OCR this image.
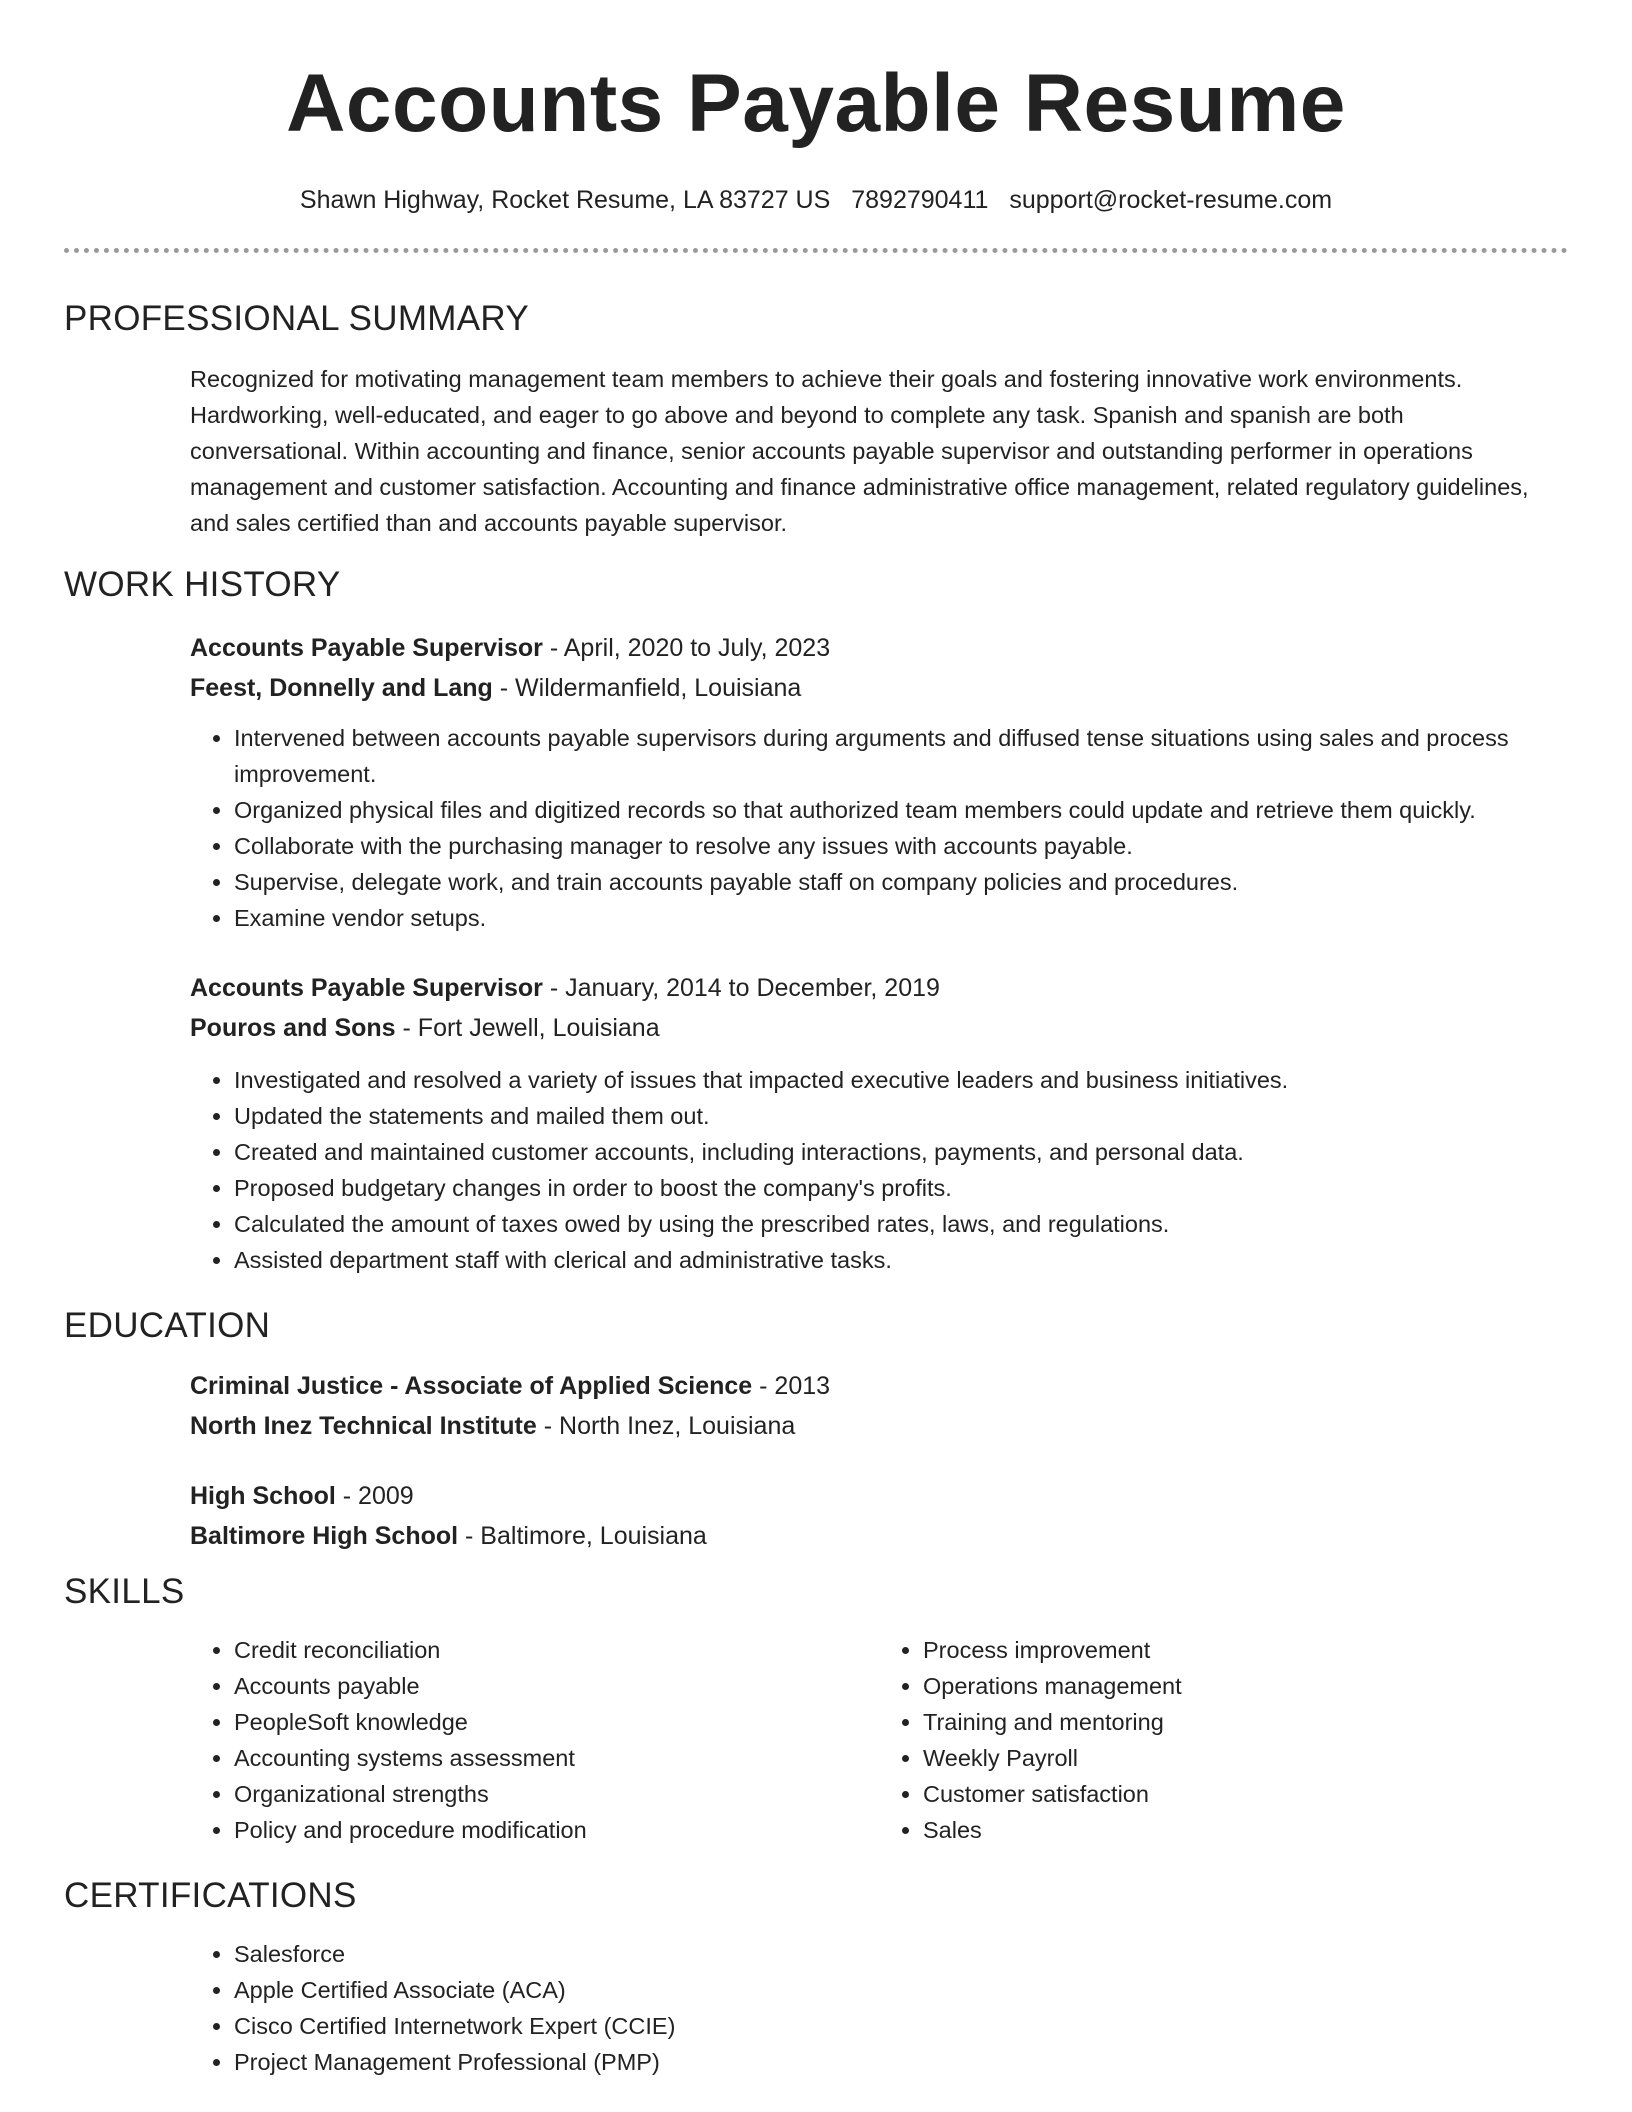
Accounts Payable Resume
Shawn Highway, Rocket Resume, LA 83727 US 7892790411 support@rocket-resume.com
PROFESSIONAL SUMMARY

Recognized for motivating management team members to achieve their goals and fostering innovative work environments. Hardworking, well-educated, and eager to go above and beyond to complete any task. Spanish and spanish are both conversational. Within accounting and finance, senior accounts payable supervisor and outstanding performer in operations management and customer satisfaction. Accounting and finance administrative office management, related regulatory guidelines, and sales certified than and accounts payable supervisor.

WORK HISTORY
Accounts Payable Supervisor - April, 2020 to July, 2023
Feest, Donnelly and Lang - Wildermanfield, Louisiana
• Intervened between accounts payable supervisors during arguments and diffused tense situations using sales and process improvement.
• Organized physical files and digitized records so that authorized team members could update and retrieve them quickly.
• Collaborate with the purchasing manager to resolve any issues with accounts payable.
• Supervise, delegate work, and train accounts payable staff on company policies and procedures.
• Examine vendor setups.
Accounts Payable Supervisor - January, 2014 to December, 2019
Pouros and Sons - Fort Jewell, Louisiana
• Investigated and resolved a variety of issues that impacted executive leaders and business initiatives.
• Updated the statements and mailed them out.
• Created and maintained customer accounts, including interactions, payments, and personal data.
• Proposed budgetary changes in order to boost the company's profits.
• Calculated the amount of taxes owed by using the prescribed rates, laws, and regulations.
• Assisted department staff with clerical and administrative tasks.
EDUCATION
Criminal Justice - Associate of Applied Science - 2013
North Inez Technical Institute - North Inez, Louisiana
High School - 2009
Baltimore High School - Baltimore, Louisiana
SKILLS
• Credit reconciliation
• Accounts payable
• PeopleSoft knowledge
• Accounting systems assessment
• Organizational strengths
• Policy and procedure modification
• Process improvement
• Operations management
• Training and mentoring
• Weekly Payroll
• Customer satisfaction
• Sales
CERTIFICATIONS
• Salesforce
• Apple Certified Associate (ACA)
• Cisco Certified Internetwork Expert (CCIE)
• Project Management Professional (PMP)
